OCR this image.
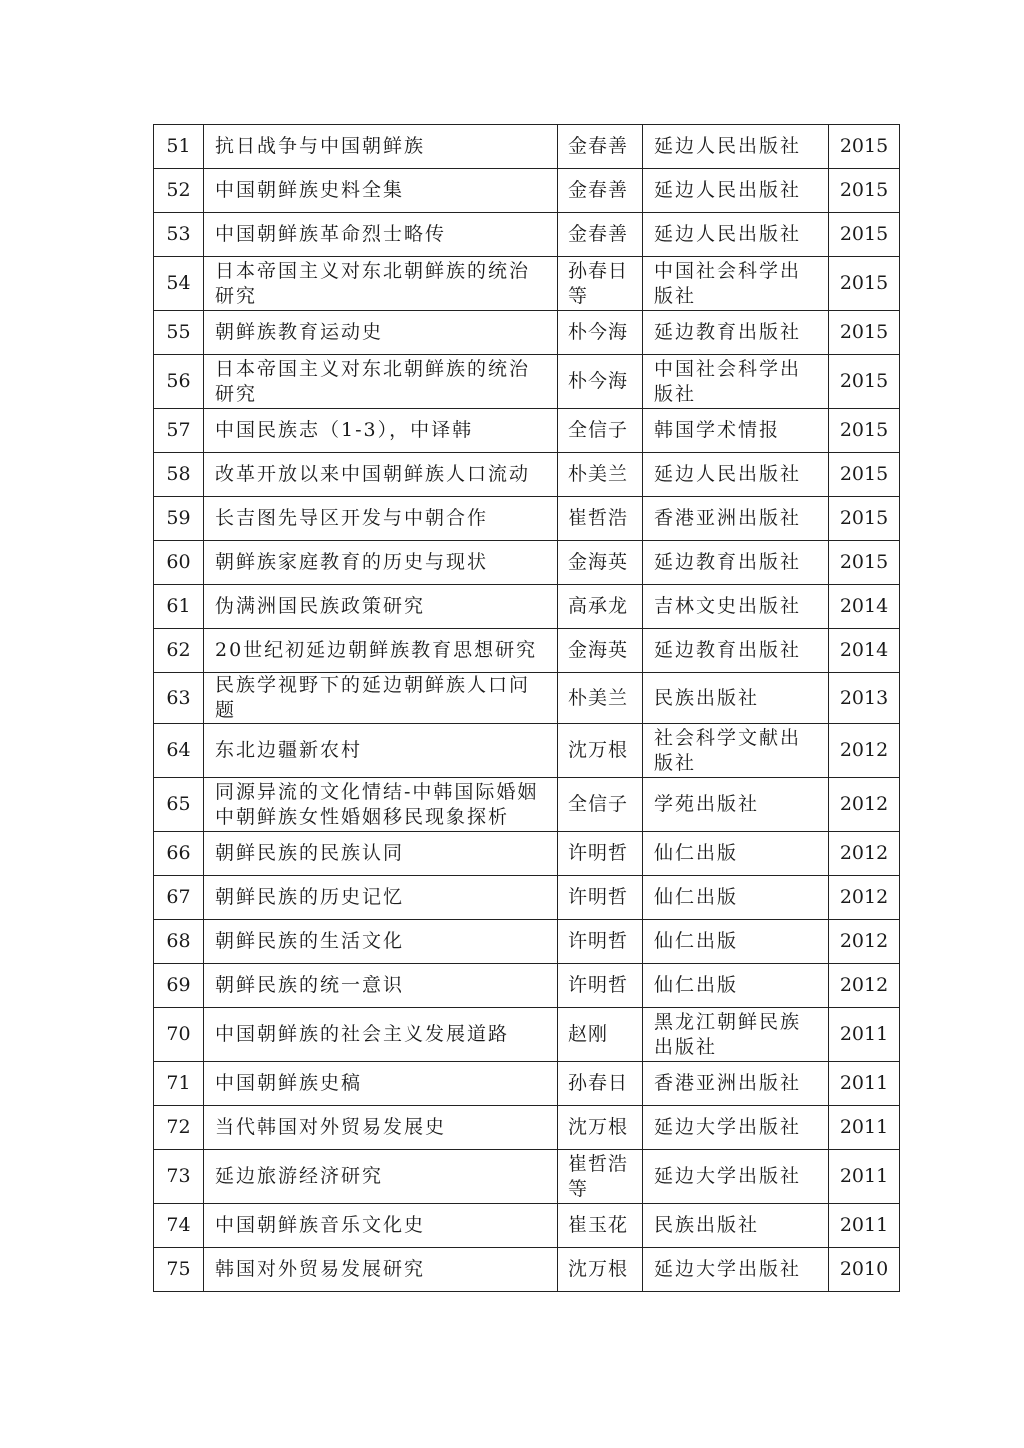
51	抗日战争与中国朝鲜族	金春善	延边人民出版社	2015
52	中国朝鲜族史料全集	金春善	延边人民出版社	2015
53	中国朝鲜族革命烈士略传	金春善	延边人民出版社	2015
54	日本帝国主义对东北朝鲜族的统治研究	孙春日等	中国社会科学出版社	2015
55	朝鲜族教育运动史	朴今海	延边教育出版社	2015
56	日本帝国主义对东北朝鲜族的统治研究	朴今海	中国社会科学出版社	2015
57	中国民族志（1-3），中译韩	全信子	韩国学术情报	2015
58	改革开放以来中国朝鲜族人口流动	朴美兰	延边人民出版社	2015
59	长吉图先导区开发与中朝合作	崔哲浩	香港亚洲出版社	2015
60	朝鲜族家庭教育的历史与现状	金海英	延边教育出版社	2015
61	伪满洲国民族政策研究	高承龙	吉林文史出版社	2014
62	20世纪初延边朝鲜族教育思想研究	金海英	延边教育出版社	2014
63	民族学视野下的延边朝鲜族人口问题	朴美兰	民族出版社	2013
64	东北边疆新农村	沈万根	社会科学文献出版社	2012
65	同源异流的文化情结-中韩国际婚姻中朝鲜族女性婚姻移民现象探析	全信子	学苑出版社	2012
66	朝鲜民族的民族认同	许明哲	仙仁出版	2012
67	朝鲜民族的历史记忆	许明哲	仙仁出版	2012
68	朝鲜民族的生活文化	许明哲	仙仁出版	2012
69	朝鲜民族的统一意识	许明哲	仙仁出版	2012
70	中国朝鲜族的社会主义发展道路	赵刚	黑龙江朝鲜民族出版社	2011
71	中国朝鲜族史稿	孙春日	香港亚洲出版社	2011
72	当代韩国对外贸易发展史	沈万根	延边大学出版社	2011
73	延边旅游经济研究	崔哲浩等	延边大学出版社	2011
74	中国朝鲜族音乐文化史	崔玉花	民族出版社	2011
75	韩国对外贸易发展研究	沈万根	延边大学出版社	2010
